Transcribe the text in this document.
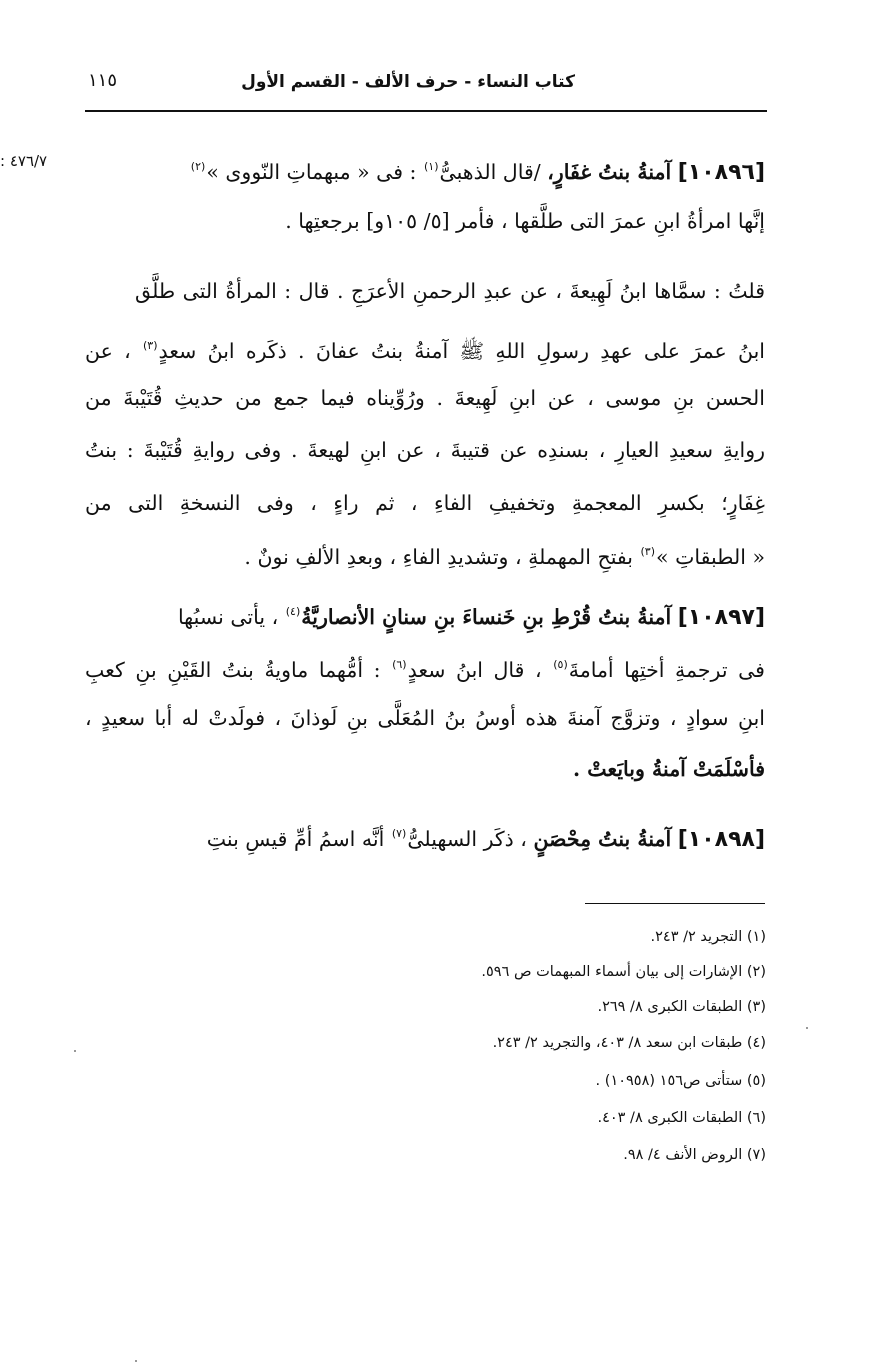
كتاب النساء - حرف الألف - القسم الأول
١١٥
٤٧٦/٧ :	[١٠٨٩٦] آمنةُ بنتُ غفَارٍ، /قال الذهبیُّ$^{(١)}$ : فی « مبهماتِ النّووی »$^{(٢)}$
إنَّها امرأةُ ابنِ عمرَ التی طلَّقها ، فأمر [٥/ ١٠٥و] برجعتِها .
قلتُ : سمَّاها ابنُ لَهِیعةَ ، عن عبدِ الرحمنِ الأعرَجِ . قال : المرأةُ التی طلَّق
ابنُ عمرَ علی عهدِ رسولِ اللهِ ﷺ آمنةُ بنتُ عفانَ . ذکَره ابنُ سعدٍ$^{(٣)}$ ، عن
الحسن بنِ موسی ، عن ابنِ لَهِیعةَ . ورُوِّیناه فیما جمع من حدیثِ قُتَیْبةَ من
روایةِ سعیدِ العیارِ ، بسندِه عن قتیبةَ ، عن ابنِ لهیعةَ . وفی روایةِ قُتَیْبةَ : بنتُ
غِفَارٍ؛ بکسرِ المعجمةِ وتخفیفِ الفاءِ ، ثم راءٍ ، وفی النسخةِ التی من
« الطبقاتِ »$^{(٣)}$ بفتحِ المهملةِ ، وتشدیدِ الفاءِ ، وبعدِ الألفِ نونٌ .
[١٠٨٩٧] آمنةُ بنتُ قُرْطِ بنِ خَنساءَ بنِ سنانٍ الأنصاریَّةُ$^{(٤)}$ ، یأتی نسبُها
فی ترجمةِ أختِها أمامةَ$^{(٥)}$ ، قال ابنُ سعدٍ$^{(٦)}$ : أمُّهما ماویةُ بنتُ القَیْنِ بنِ کعبِ
ابنِ سوادٍ ، وتزوَّج آمنةَ هذه أوسُ بنُ المُعَلَّی بنِ لَوذانَ ، فولَدتْ له أبا سعیدٍ ،
فأسْلَمَتْ آمنةُ وبایَعتْ .
[١٠٨٩٨] آمنةُ بنتُ مِحْصَنٍ ، ذکَر السهیلیُّ$^{(٧)}$ أنَّه اسمُ أمِّ قیسِ بنتِ
(١) التجرید ٢/ ٢٤٣.
(٢) الإشارات إلی بیان أسماء المبهمات ص ٥٩٦.
(٣) الطبقات الکبری ٨/ ٢٦٩.
(٤) طبقات ابن سعد ٨/ ٤٠٣، والتجرید ٢/ ٢٤٣.
(٥) ستأتی ص١٥٦ (١٠٩٥٨) .
(٦) الطبقات الکبری ٨/ ٤٠٣.
(٧) الروض الأنف ٤/ ٩٨.
